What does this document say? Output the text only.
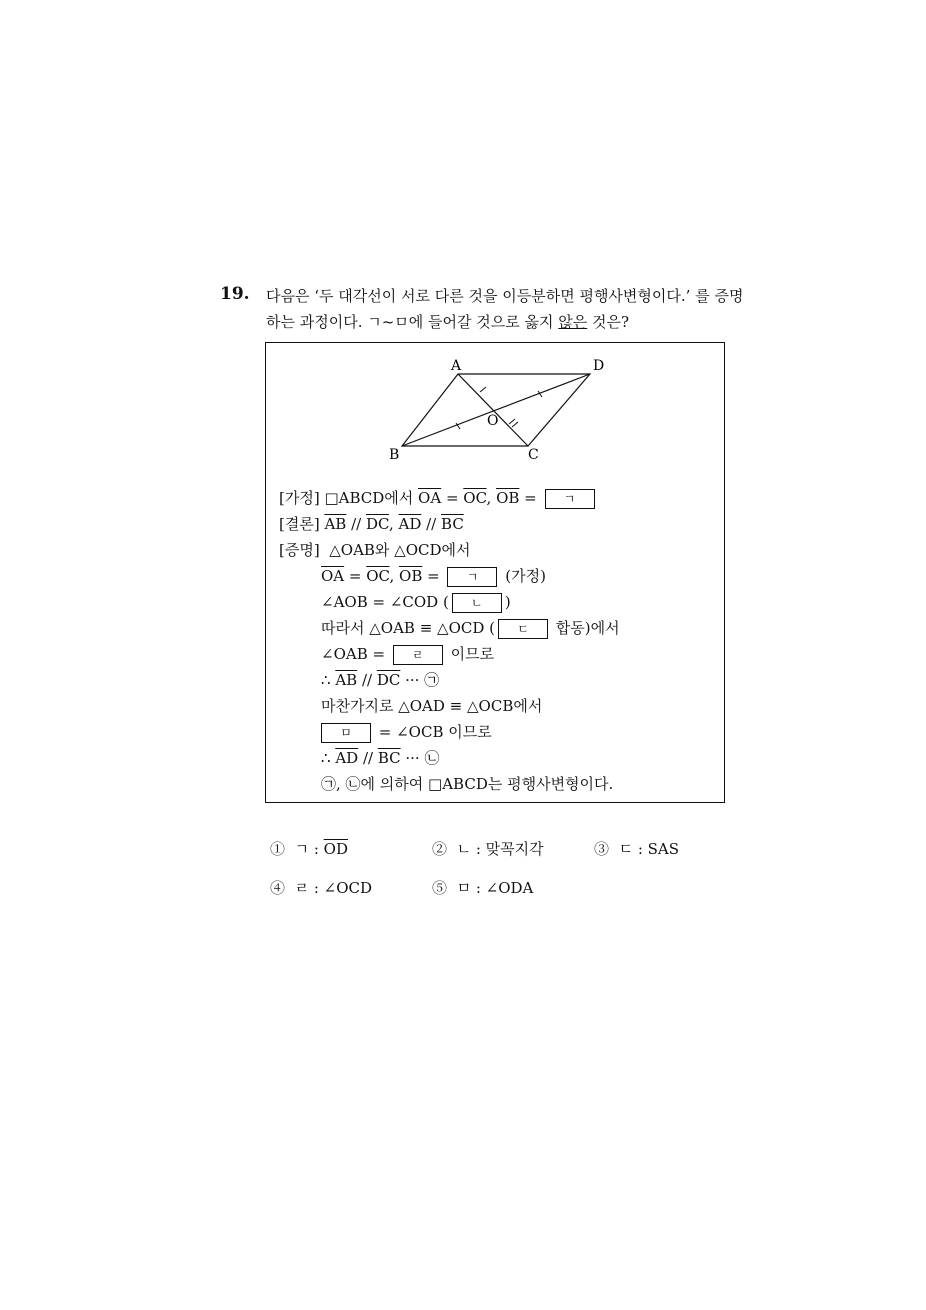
19. 다음은 ‘두 대각선이 서로 다른 것을 이등분하면 평행사변형이다.’ 를 증명
하는 과정이다. ㄱ~ㅁ에 들어갈 것으로 옳지 않은 것은?
A	D
O
B	C
[가정] □ABCD에서 $\overline{OA} = \overline{OC}$, $\overline{OB}$ = ㄱ
[결론] $\overline{AB} // \overline{DC}$, $\overline{AD} // \overline{BC}$
[증명] △OAB와 △OCD에서
$\overline{OA} = \overline{OC}$, $\overline{OB}$ = ㄱ (가정)
∠AOB = ∠COD ( ㄴ )
따라서 △OAB ≡ △OCD ( ㄷ 합동)에서
∠OAB = ㄹ 이므로
∴ $\overline{AB} // \overline{DC}$ ··· ㉠
마찬가지로 △OAD ≡ △OCB에서
ㅁ = ∠OCB 이므로
∴ $\overline{AD} // \overline{BC}$ ··· ㉡
㉠, ㉡에 의하여 □ABCD는 평행사변형이다.
① ㄱ : $\overline{OD}$	② ㄴ : 맞꼭지각	③ ㄷ : SAS
④ ㄹ : ∠OCD	⑤ ㅁ : ∠ODA
